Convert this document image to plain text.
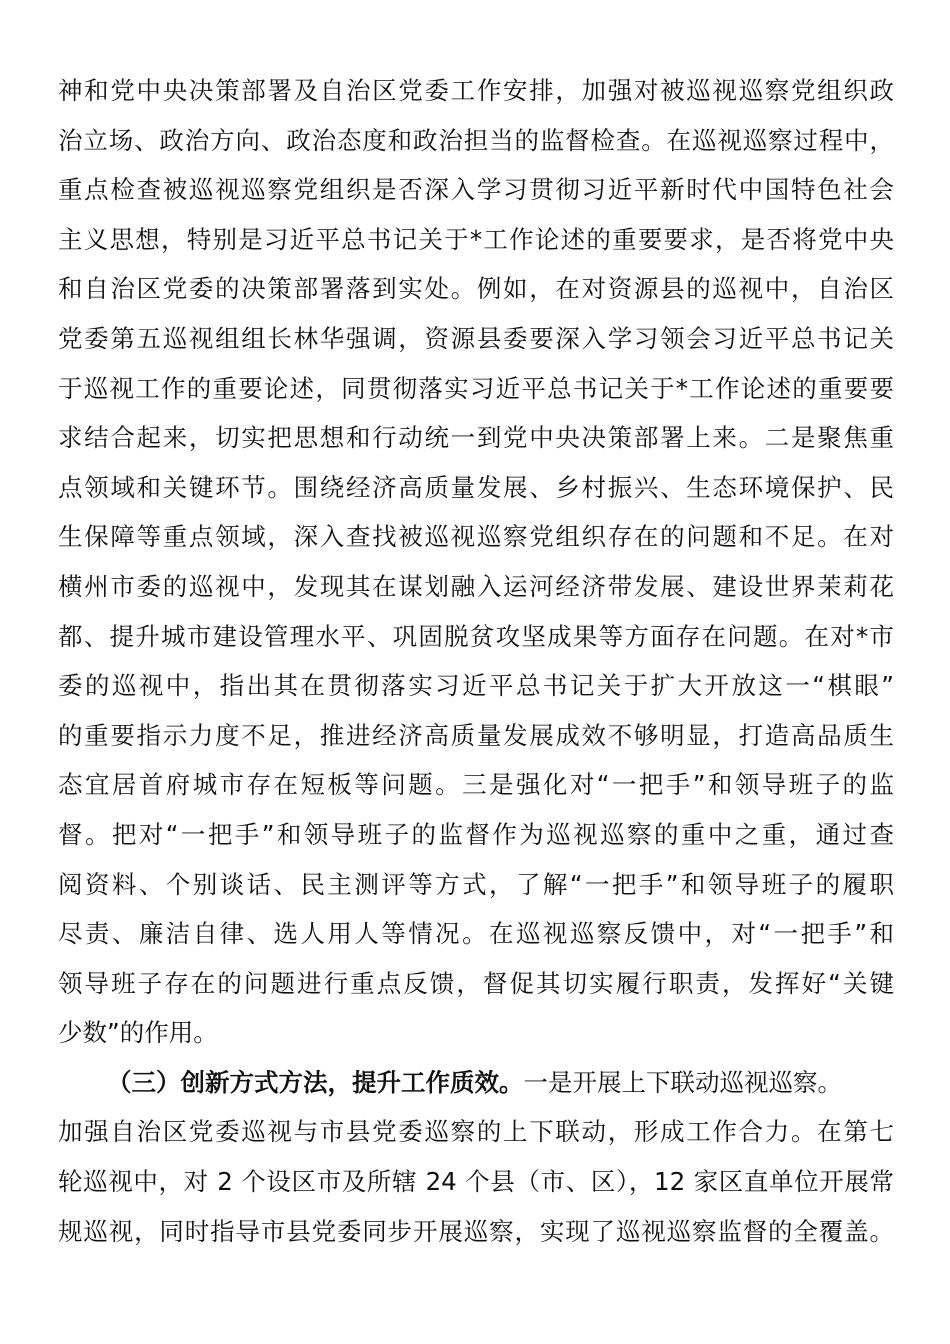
神和党中央决策部署及自治区党委工作安排，加强对被巡视巡察党组织政
治立场、政治方向、政治态度和政治担当的监督检查。在巡视巡察过程中，
重点检查被巡视巡察党组织是否深入学习贯彻习近平新时代中国特色社会
主义思想，特别是习近平总书记关于*工作论述的重要要求，是否将党中央
和自治区党委的决策部署落到实处。例如，在对资源县的巡视中，自治区
党委第五巡视组组长林华强调，资源县委要深入学习领会习近平总书记关
于巡视工作的重要论述，同贯彻落实习近平总书记关于*工作论述的重要要
求结合起来，切实把思想和行动统一到党中央决策部署上来。二是聚焦重
点领域和关键环节。围绕经济高质量发展、乡村振兴、生态环境保护、民
生保障等重点领域，深入查找被巡视巡察党组织存在的问题和不足。在对
横州市委的巡视中，发现其在谋划融入运河经济带发展、建设世界茉莉花
都、提升城市建设管理水平、巩固脱贫攻坚成果等方面存在问题。在对*市
委的巡视中，指出其在贯彻落实习近平总书记关于扩大开放这一“棋眼”
的重要指示力度不足，推进经济高质量发展成效不够明显，打造高品质生
态宜居首府城市存在短板等问题。三是强化对“一把手”和领导班子的监
督。把对“一把手”和领导班子的监督作为巡视巡察的重中之重，通过查
阅资料、个别谈话、民主测评等方式，了解“一把手”和领导班子的履职
尽责、廉洁自律、选人用人等情况。在巡视巡察反馈中，对“一把手”和
领导班子存在的问题进行重点反馈，督促其切实履行职责，发挥好“关键
少数”的作用。
（三）创新方式方法，提升工作质效。一是开展上下联动巡视巡察。
加强自治区党委巡视与市县党委巡察的上下联动，形成工作合力。在第七
轮巡视中，对 2 个设区市及所辖 24 个县（市、区），12 家区直单位开展常
规巡视，同时指导市县党委同步开展巡察，实现了巡视巡察监督的全覆盖。
